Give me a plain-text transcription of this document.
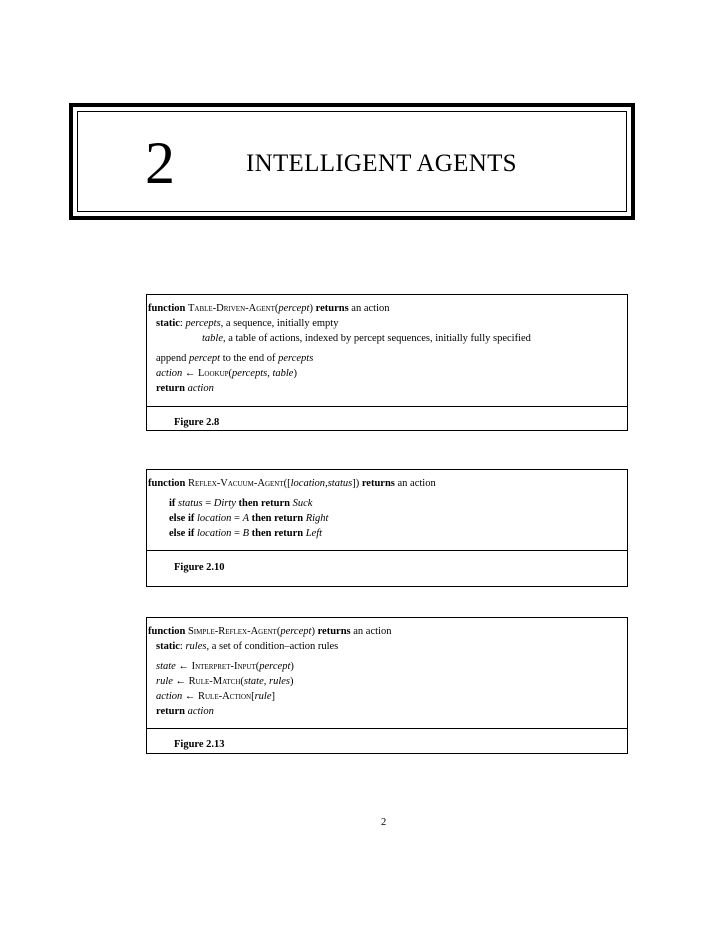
2	INTELLIGENT AGENTS
function Table-Driven-Agent(percept) returns an action
static: percepts, a sequence, initially empty
table, a table of actions, indexed by percept sequences, initially fully specified
append percept to the end of percepts
action ← Lookup(percepts, table)
return action
Figure 2.8
function Reflex-Vacuum-Agent([location,status]) returns an action
if status = Dirty then return Suck
else if location = A then return Right
else if location = B then return Left
Figure 2.10
function Simple-Reflex-Agent(percept) returns an action
static: rules, a set of condition–action rules
state ← Interpret-Input(percept)
rule ← Rule-Match(state, rules)
action ← Rule-Action[rule]
return action
Figure 2.13
2
